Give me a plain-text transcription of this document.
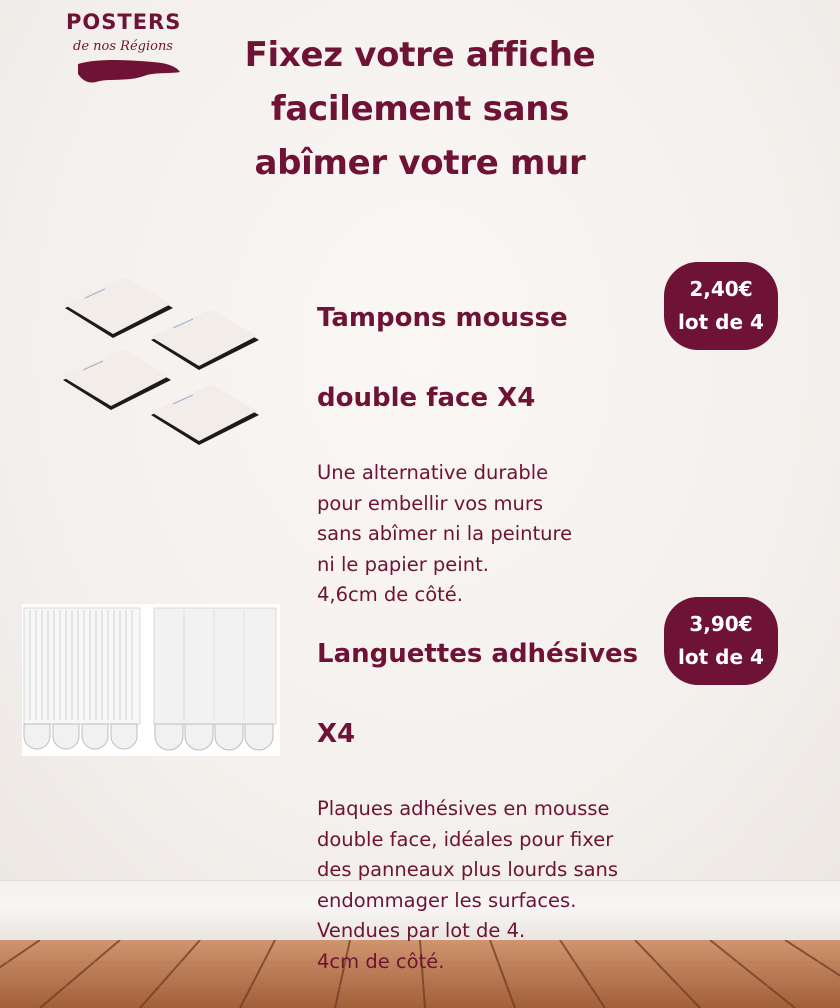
POSTERS
de nos Régions	Fixez votre affiche
facilement sans
abîmer votre mur

Tampons mousse

double face X4

Une alternative durable
pour embellir vos murs
sans abîmer ni la peinture
ni le papier peint.
4,6cm de côté.
2,40€
lot de 4

Languettes adhésives

X4

Plaques adhésives en mousse
double face, idéales pour fixer
des panneaux plus lourds sans
endommager les surfaces.
Vendues par lot de 4.
4cm de côté.
3,90€
lot de 4
